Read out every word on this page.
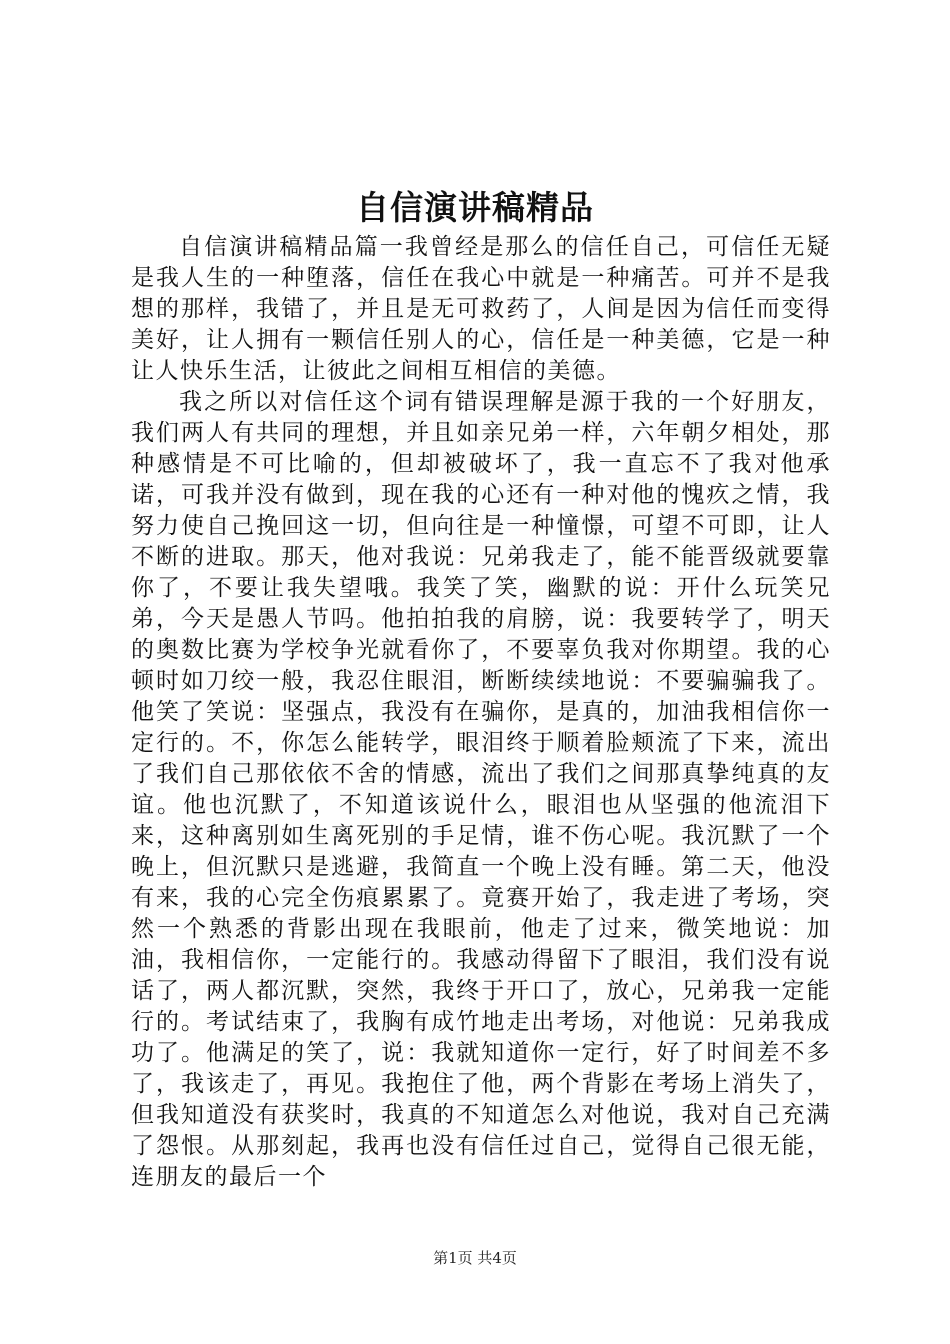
自信演讲稿精品

自信演讲稿精品篇一我曾经是那么的信任自己，可信任无疑是我人生的一种堕落，信任在我心中就是一种痛苦。可并不是我想的那样，我错了，并且是无可救药了，人间是因为信任而变得美好，让人拥有一颗信任别人的心，信任是一种美德，它是一种让人快乐生活，让彼此之间相互相信的美德。

我之所以对信任这个词有错误理解是源于我的一个好朋友，我们两人有共同的理想，并且如亲兄弟一样，六年朝夕相处，那种感情是不可比喻的，但却被破坏了，我一直忘不了我对他承诺，可我并没有做到，现在我的心还有一种对他的愧疚之情，我努力使自己挽回这一切，但向往是一种憧憬，可望不可即，让人不断的进取。那天，他对我说：兄弟我走了，能不能晋级就要靠你了，不要让我失望哦。我笑了笑，幽默的说：开什么玩笑兄弟，今天是愚人节吗。他拍拍我的肩膀，说：我要转学了，明天的奥数比赛为学校争光就看你了，不要辜负我对你期望。我的心顿时如刀绞一般，我忍住眼泪，断断续续地说：不要骗骗我了。他笑了笑说：坚强点，我没有在骗你，是真的，加油我相信你一定行的。不，你怎么能转学，眼泪终于顺着脸颊流了下来，流出了我们自己那依依不舍的情感，流出了我们之间那真挚纯真的友谊。他也沉默了，不知道该说什么，眼泪也从坚强的他流泪下来，这种离别如生离死别的手足情，谁不伤心呢。我沉默了一个晚上，但沉默只是逃避，我简直一个晚上没有睡。第二天，他没有来，我的心完全伤痕累累了。竟赛开始了，我走进了考场，突然一个熟悉的背影出现在我眼前，他走了过来，微笑地说：加油，我相信你，一定能行的。我感动得留下了眼泪，我们没有说话了，两人都沉默，突然，我终于开口了，放心，兄弟我一定能行的。考试结束了，我胸有成竹地走出考场，对他说：兄弟我成功了。他满足的笑了，说：我就知道你一定行，好了时间差不多了，我该走了，再见。我抱住了他，两个背影在考场上消失了，但我知道没有获奖时，我真的不知道怎么对他说，我对自己充满了怨恨。从那刻起，我再也没有信任过自己，觉得自己很无能，连朋友的最后一个

第1页 共4页
